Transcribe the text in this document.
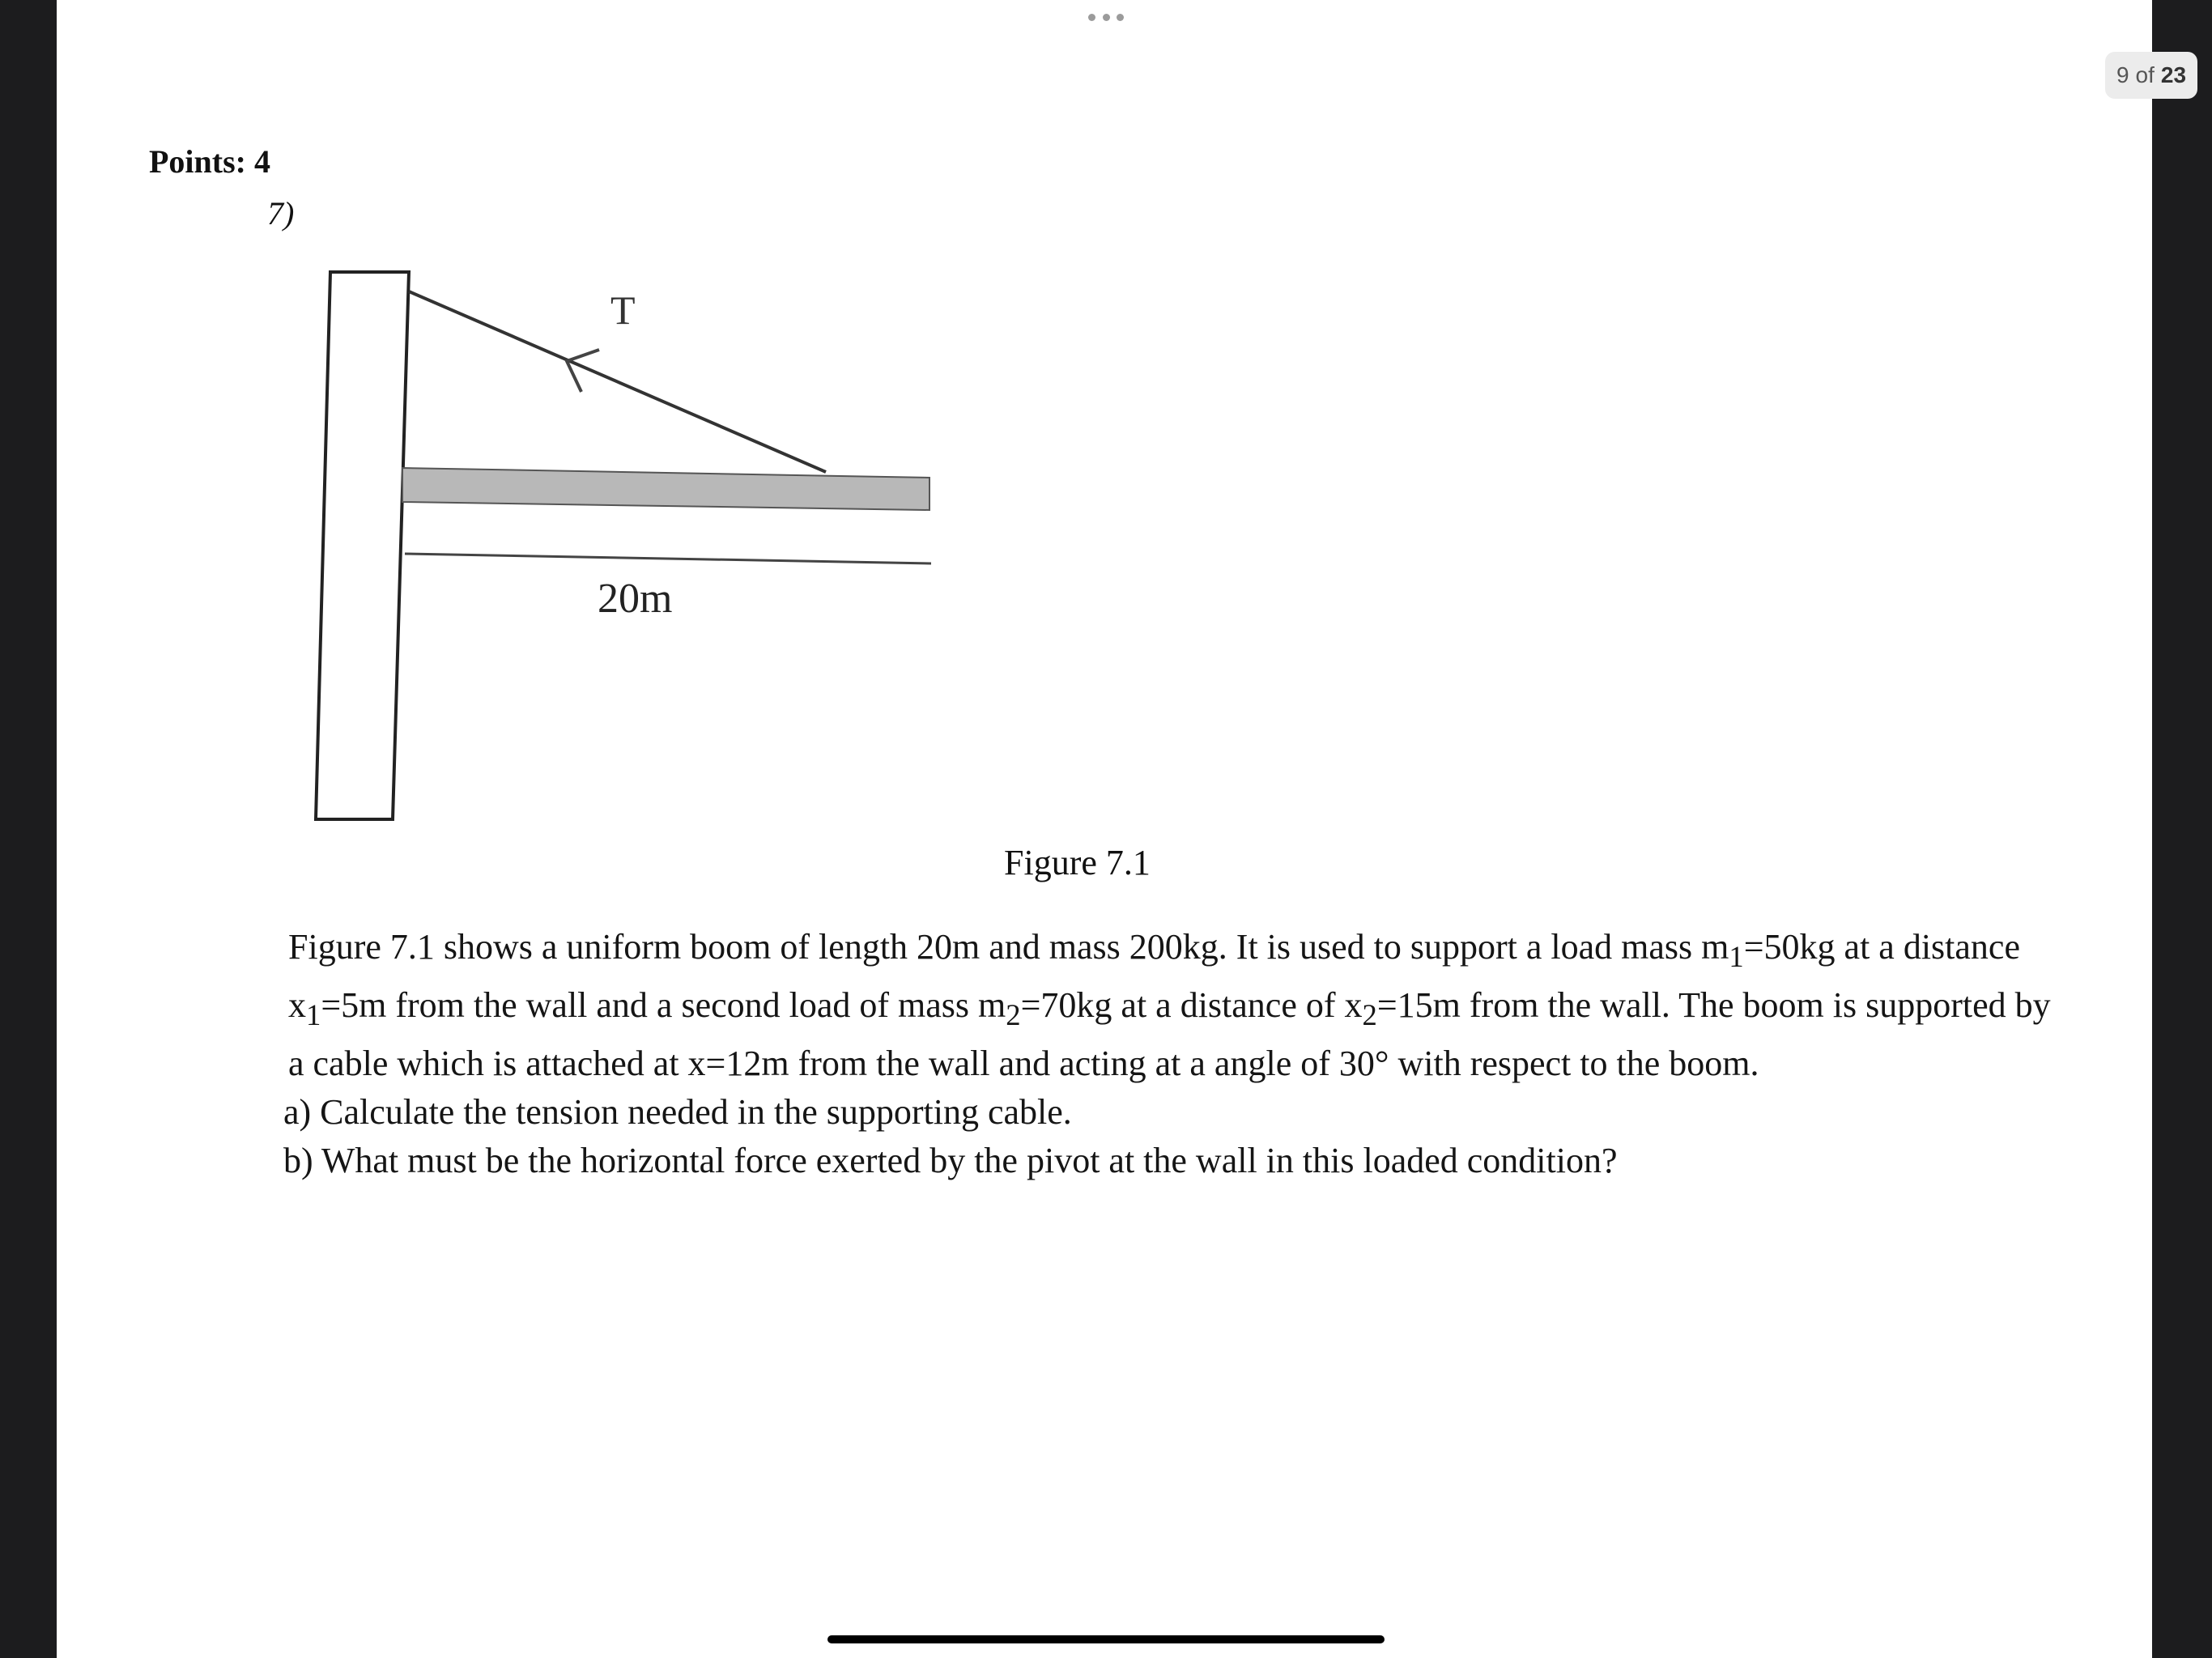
9 of 23
Points: 4
7)
T
20m
Figure 7.1

Figure 7.1 shows a uniform boom of length 20m and mass 200kg. It is used to support a load mass $m_1=50kg$ at a distance $x_1=5m$ from the wall and a second load of mass $m_2=70kg$ at a distance of $x_2=15m$ from the wall. The boom is supported by a cable which is attached at x=12m from the wall and acting at a angle of 30° with respect to the boom.

a) Calculate the tension needed in the supporting cable.

b) What must be the horizontal force exerted by the pivot at the wall in this loaded condition?
